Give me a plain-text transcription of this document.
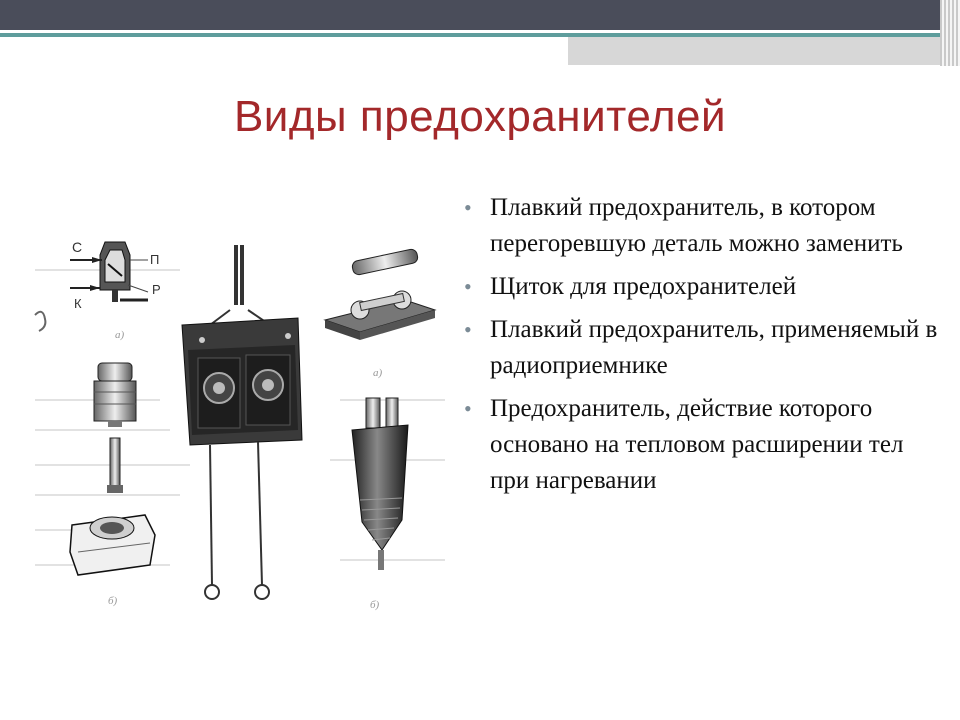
Виды предохранителей
С
П
Р
К
а)
б)
а)
б)
• Плавкий предохранитель, в котором перегоревшую деталь можно заменить
• Щиток для предохранителей
• Плавкий предохранитель, применяемый в радиоприемнике
• Предохранитель, действие которого основано на тепловом расширении тел при нагревании
